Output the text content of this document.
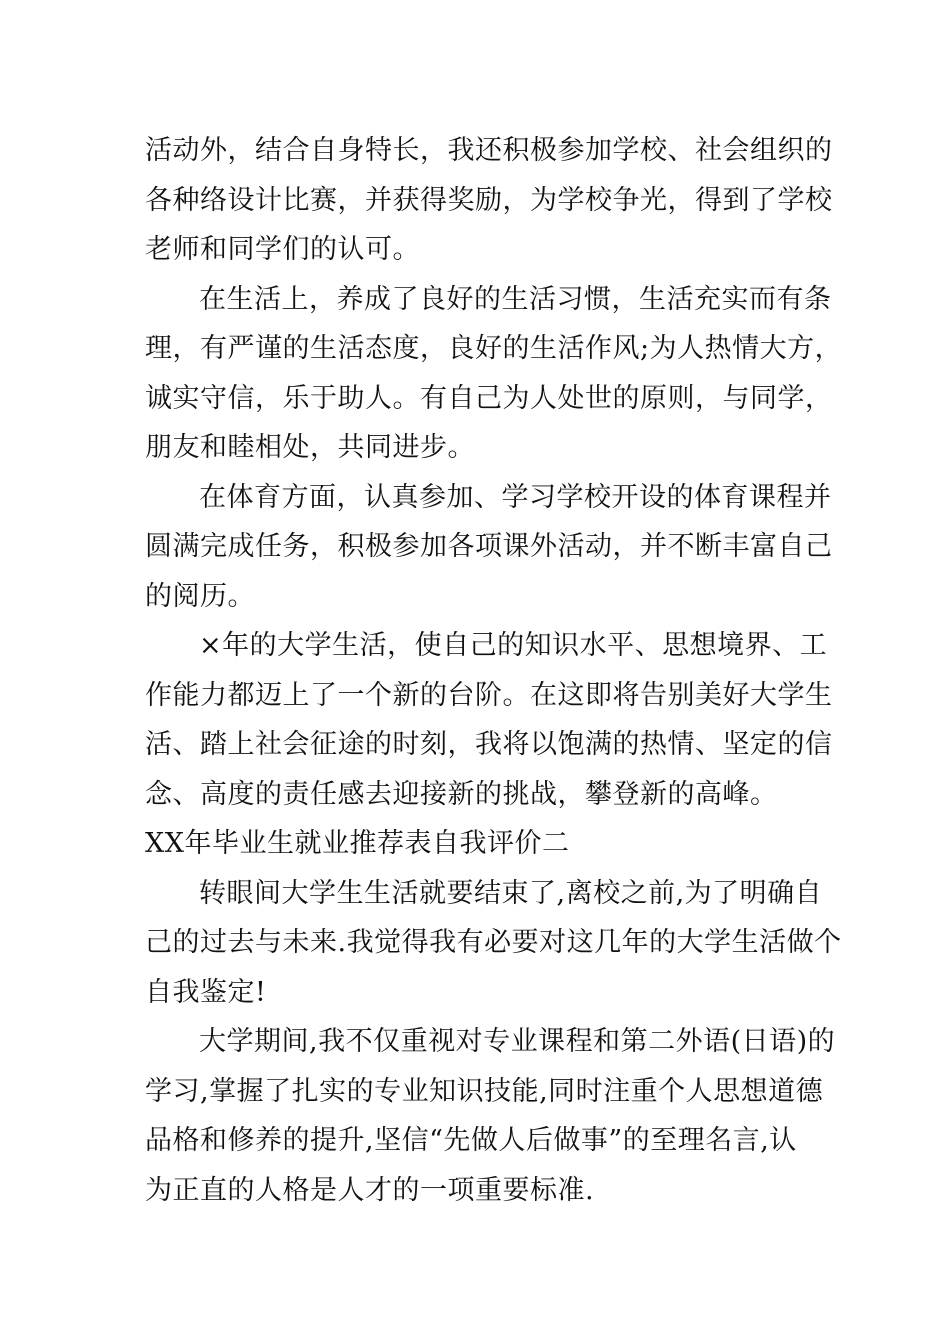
活动外，结合自身特长，我还积极参加学校、社会组织的
各种络设计比赛，并获得奖励，为学校争光，得到了学校
老师和同学们的认可。
在生活上，养成了良好的生活习惯，生活充实而有条
理，有严谨的生活态度，良好的生活作风;为人热情大方，
诚实守信，乐于助人。有自己为人处世的原则，与同学，
朋友和睦相处，共同进步。
在体育方面，认真参加、学习学校开设的体育课程并
圆满完成任务，积极参加各项课外活动，并不断丰富自己
的阅历。
×年的大学生活，使自己的知识水平、思想境界、工
作能力都迈上了一个新的台阶。在这即将告别美好大学生
活、踏上社会征途的时刻，我将以饱满的热情、坚定的信
念、高度的责任感去迎接新的挑战，攀登新的高峰。
XX年毕业生就业推荐表自我评价二
转眼间大学生生活就要结束了,离校之前,为了明确自
己的过去与未来.我觉得我有必要对这几年的大学生活做个
自我鉴定!
大学期间,我不仅重视对专业课程和第二外语(日语)的
学习,掌握了扎实的专业知识技能,同时注重个人思想道德
品格和修养的提升,坚信“先做人后做事”的至理名言,认
为正直的人格是人才的一项重要标准.
